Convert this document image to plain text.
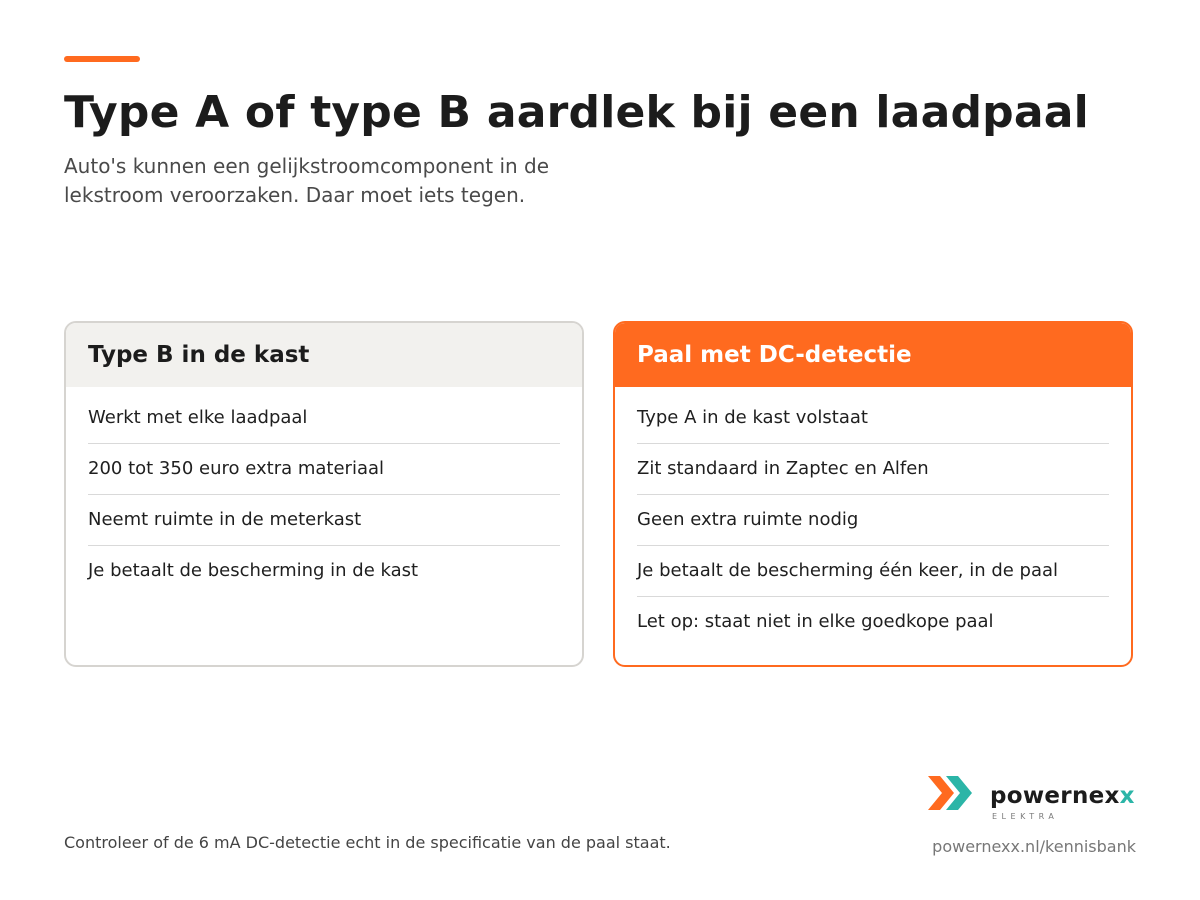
Type A of type B aardlek bij een laadpaal

Auto's kunnen een gelijkstroomcomponent in de lekstroom veroorzaken. Daar moet iets tegen.

Type B in de kast
Werkt met elke laadpaal
200 tot 350 euro extra materiaal
Neemt ruimte in de meterkast
Je betaalt de bescherming in de kast
Paal met DC-detectie
Type A in de kast volstaat
Zit standaard in Zaptec en Alfen
Geen extra ruimte nodig
Je betaalt de bescherming één keer, in de paal
Let op: staat niet in elke goedkope paal
Controleer of de 6 mA DC-detectie echt in de specificatie van de paal staat.
powernexx
ELEKTRA
powernexx.nl/kennisbank
